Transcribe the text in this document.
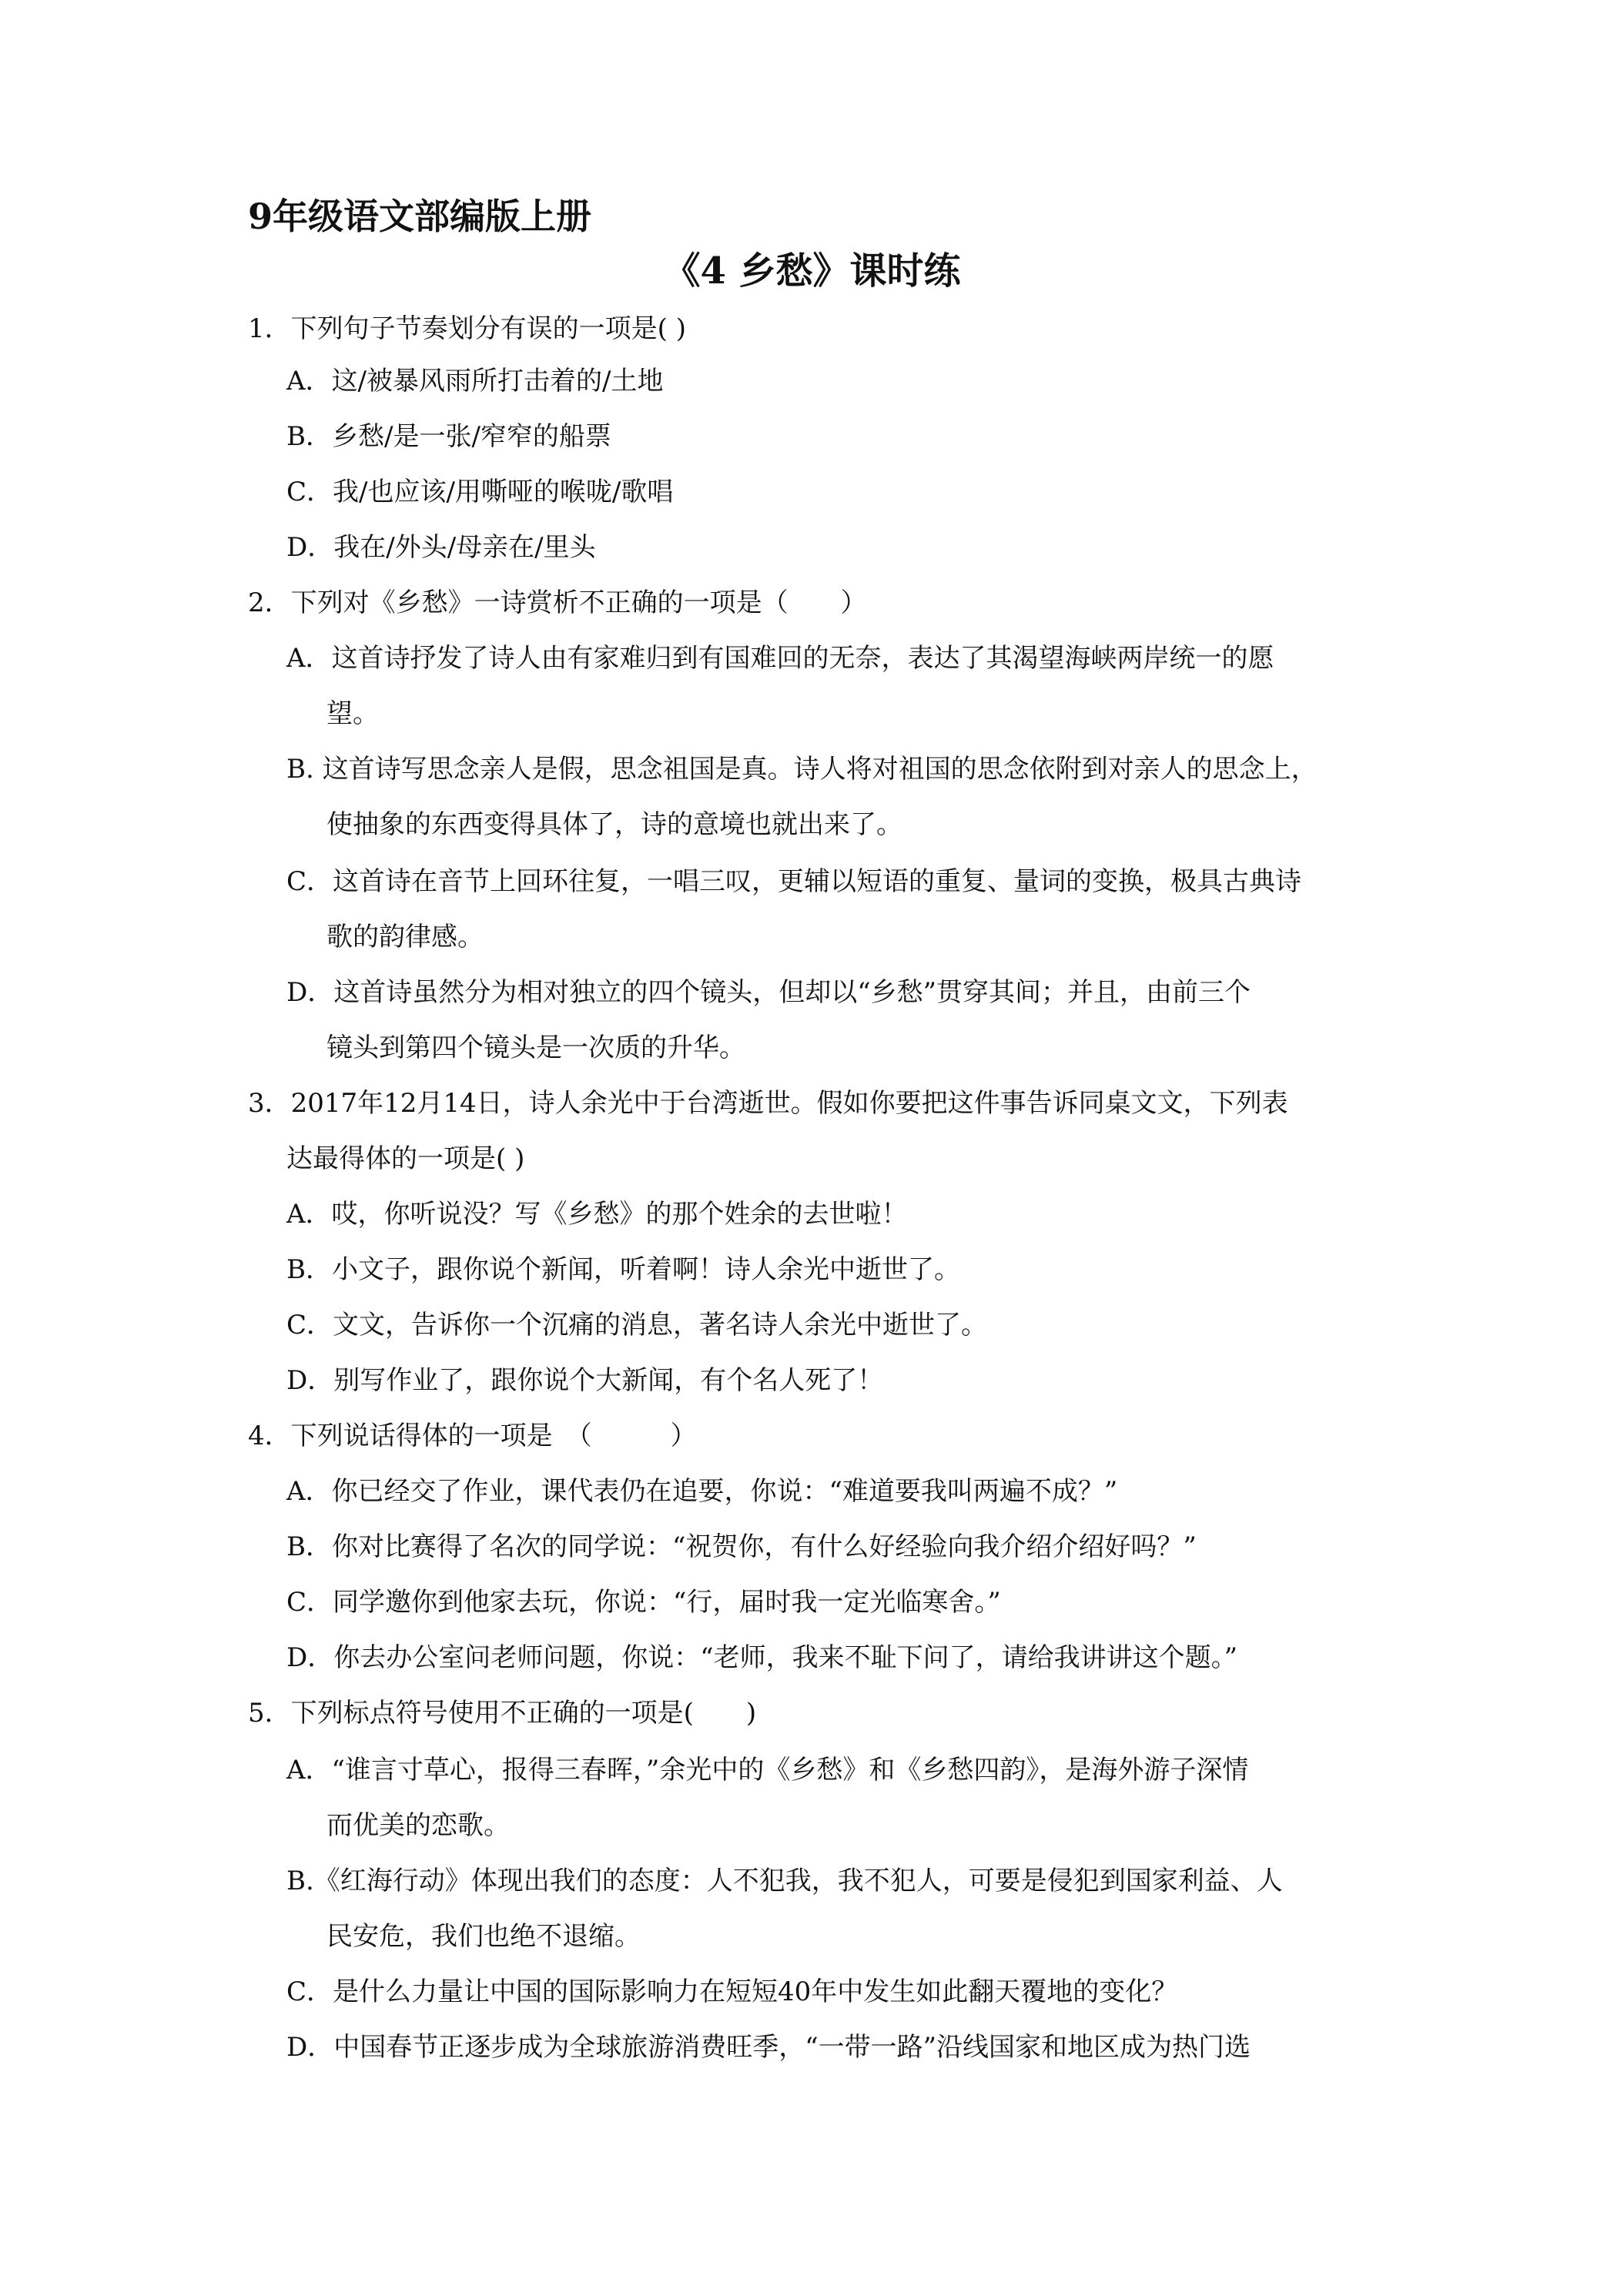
9年级语文部编版上册
《4 乡愁》课时练
1．下列句子节奏划分有误的一项是( )
A．这/被暴风雨所打击着的/土地
B．乡愁/是一张/窄窄的船票
C．我/也应该/用嘶哑的喉咙/歌唱
D．我在/外头/母亲在/里头
2．下列对《乡愁》一诗赏析不正确的一项是（　　）
A．这首诗抒发了诗人由有家难归到有国难回的无奈，表达了其渴望海峡两岸统一的愿
望。
B. 这首诗写思念亲人是假，思念祖国是真。诗人将对祖国的思念依附到对亲人的思念上，
使抽象的东西变得具体了，诗的意境也就出来了。
C．这首诗在音节上回环往复，一唱三叹，更辅以短语的重复、量词的变换，极具古典诗
歌的韵律感。
D．这首诗虽然分为相对独立的四个镜头，但却以“乡愁”贯穿其间；并且，由前三个
镜头到第四个镜头是一次质的升华。
3．2017年12月14日，诗人余光中于台湾逝世。假如你要把这件事告诉同桌文文，下列表
达最得体的一项是( )
A．哎，你听说没？写《乡愁》的那个姓余的去世啦！
B．小文子，跟你说个新闻，听着啊！诗人余光中逝世了。
C．文文，告诉你一个沉痛的消息，著名诗人余光中逝世了。
D．别写作业了，跟你说个大新闻，有个名人死了！
4．下列说话得体的一项是　（　　　）
A．你已经交了作业，课代表仍在追要，你说：“难道要我叫两遍不成？”
B．你对比赛得了名次的同学说：“祝贺你，有什么好经验向我介绍介绍好吗？”
C．同学邀你到他家去玩，你说：“行，届时我一定光临寒舍。”
D．你去办公室问老师问题，你说：“老师，我来不耻下问了，请给我讲讲这个题。”
5．下列标点符号使用不正确的一项是(　　)
A．“谁言寸草心，报得三春晖，”余光中的《乡愁》和《乡愁四韵》，是海外游子深情
而优美的恋歌。
B.《红海行动》体现出我们的态度：人不犯我，我不犯人，可要是侵犯到国家利益、人
民安危，我们也绝不退缩。
C．是什么力量让中国的国际影响力在短短40年中发生如此翻天覆地的变化？
D．中国春节正逐步成为全球旅游消费旺季，“一带一路”沿线国家和地区成为热门选
